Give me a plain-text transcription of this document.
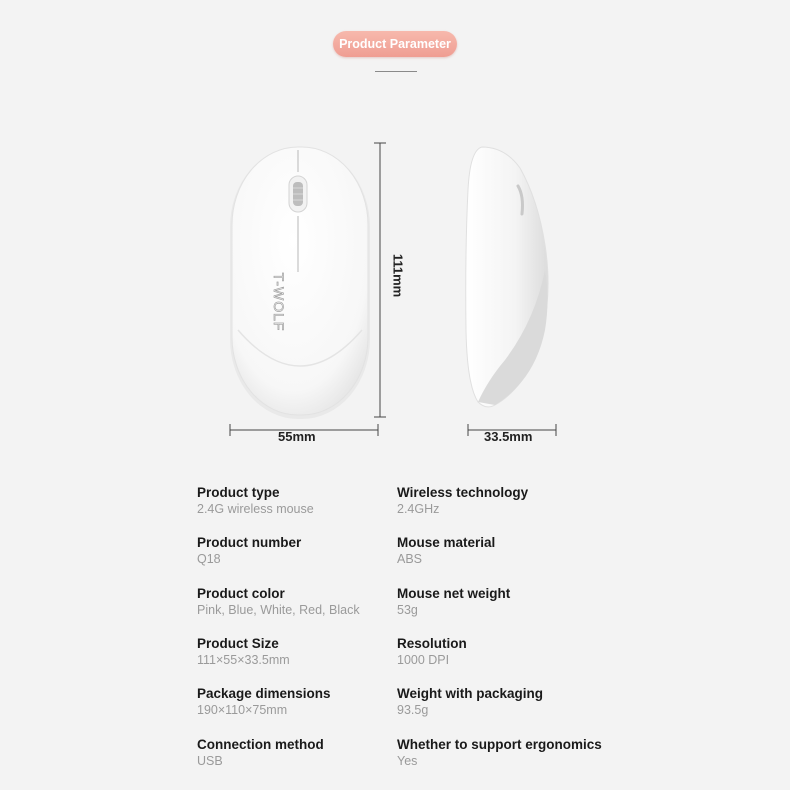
Product Parameter
T-WOLF
55mm
111mm
33.5mm
Product type
2.4G wireless mouse
Wireless technology
2.4GHz
Product number
Q18
Mouse material
ABS
Product color
Pink, Blue, White, Red, Black
Mouse net weight
53g
Product Size
111×55×33.5mm
Resolution
1000 DPI
Package dimensions
190×110×75mm
Weight with packaging
93.5g
Connection method
USB
Whether to support ergonomics
Yes
